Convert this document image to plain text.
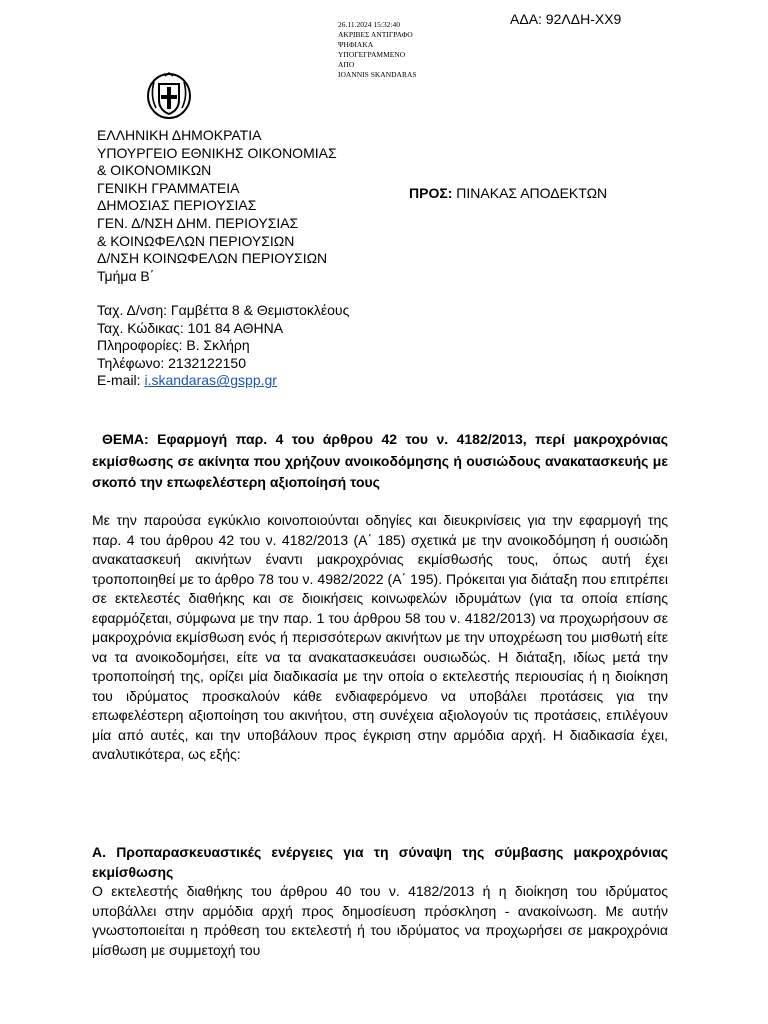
26.11.2024 15:32:40
ΑΚΡΙΒΕΣ ΑΝΤΙΓΡΑΦΟ
ΨΗΦΙΑΚΑ
ΥΠΟΓΕΓΡΑΜΜΕΝΟ
ΑΠΟ
IOANNIS SKANDARAS
ΑΔΑ: 92ΛΔΗ-ΧΧ9
ΕΛΛΗΝΙΚΗ ΔΗΜΟΚΡΑΤΙΑ
ΥΠΟΥΡΓΕΙΟ ΕΘΝΙΚΗΣ ΟΙΚΟΝΟΜΙΑΣ
& ΟΙΚΟΝΟΜΙΚΩΝ
ΓΕΝΙΚΗ ΓΡΑΜΜΑΤΕΙΑ
ΔΗΜΟΣΙΑΣ ΠΕΡΙΟΥΣΙΑΣ
ΓΕΝ. Δ/ΝΣΗ ΔΗΜ. ΠΕΡΙΟΥΣΙΑΣ
& ΚΟΙΝΩΦΕΛΩΝ ΠΕΡΙΟΥΣΙΩΝ
Δ/ΝΣΗ ΚΟΙΝΩΦΕΛΩΝ ΠΕΡΙΟΥΣΙΩΝ
Τμήμα Β΄
ΠΡΟΣ: ΠΙΝΑΚΑΣ ΑΠΟΔΕΚΤΩΝ
Ταχ. Δ/νση: Γαμβέττα 8 & Θεμιστοκλέους
Ταχ. Κώδικας: 101 84 ΑΘΗΝΑ
Πληροφορίες: Β. Σκλήρη
Τηλέφωνο: 2132122150
E-mail: i.skandaras@gspp.gr
ΘΕΜΑ: Εφαρμογή παρ. 4 του άρθρου 42 του ν. 4182/2013, περί μακροχρόνιας εκμίσθωσης σε ακίνητα που χρήζουν ανοικοδόμησης ή ουσιώδους ανακατασκευής με σκοπό την επωφελέστερη αξιοποίησή τους
Με την παρούσα εγκύκλιο κοινοποιούνται οδηγίες και διευκρινίσεις για την εφαρμογή της παρ. 4 του άρθρου 42 του ν. 4182/2013 (Α΄ 185) σχετικά με την ανοικοδόμηση ή ουσιώδη ανακατασκευή ακινήτων έναντι μακροχρόνιας εκμίσθωσής τους, όπως αυτή έχει τροποποιηθεί με το άρθρο 78 του ν. 4982/2022 (Α΄ 195). Πρόκειται για διάταξη που επιτρέπει σε εκτελεστές διαθήκης και σε διοικήσεις κοινωφελών ιδρυμάτων (για τα οποία επίσης εφαρμόζεται, σύμφωνα με την παρ. 1 του άρθρου 58 του ν. 4182/2013) να προχωρήσουν σε μακροχρόνια εκμίσθωση ενός ή περισσότερων ακινήτων με την υποχρέωση του μισθωτή είτε να τα ανοικοδομήσει, είτε να τα ανακατασκευάσει ουσιωδώς. Η διάταξη, ιδίως μετά την τροποποίησή της, ορίζει μία διαδικασία με την οποία ο εκτελεστής περιουσίας ή η διοίκηση του ιδρύματος προσκαλούν κάθε ενδιαφερόμενο να υποβάλει προτάσεις για την επωφελέστερη αξιοποίηση του ακινήτου, στη συνέχεια αξιολογούν τις προτάσεις, επιλέγουν μία από αυτές, και την υποβάλουν προς έγκριση στην αρμόδια αρχή. Η διαδικασία έχει, αναλυτικότερα, ως εξής:
Α. Προπαρασκευαστικές ενέργειες για τη σύναψη της σύμβασης μακροχρόνιας εκμίσθωσης
Ο εκτελεστής διαθήκης του άρθρου 40 του ν. 4182/2013 ή η διοίκηση του ιδρύματος υποβάλλει στην αρμόδια αρχή προς δημοσίευση πρόσκληση - ανακοίνωση. Με αυτήν γνωστοποιείται η πρόθεση του εκτελεστή ή του ιδρύματος να προχωρήσει σε μακροχρόνια μίσθωση με συμμετοχή του
